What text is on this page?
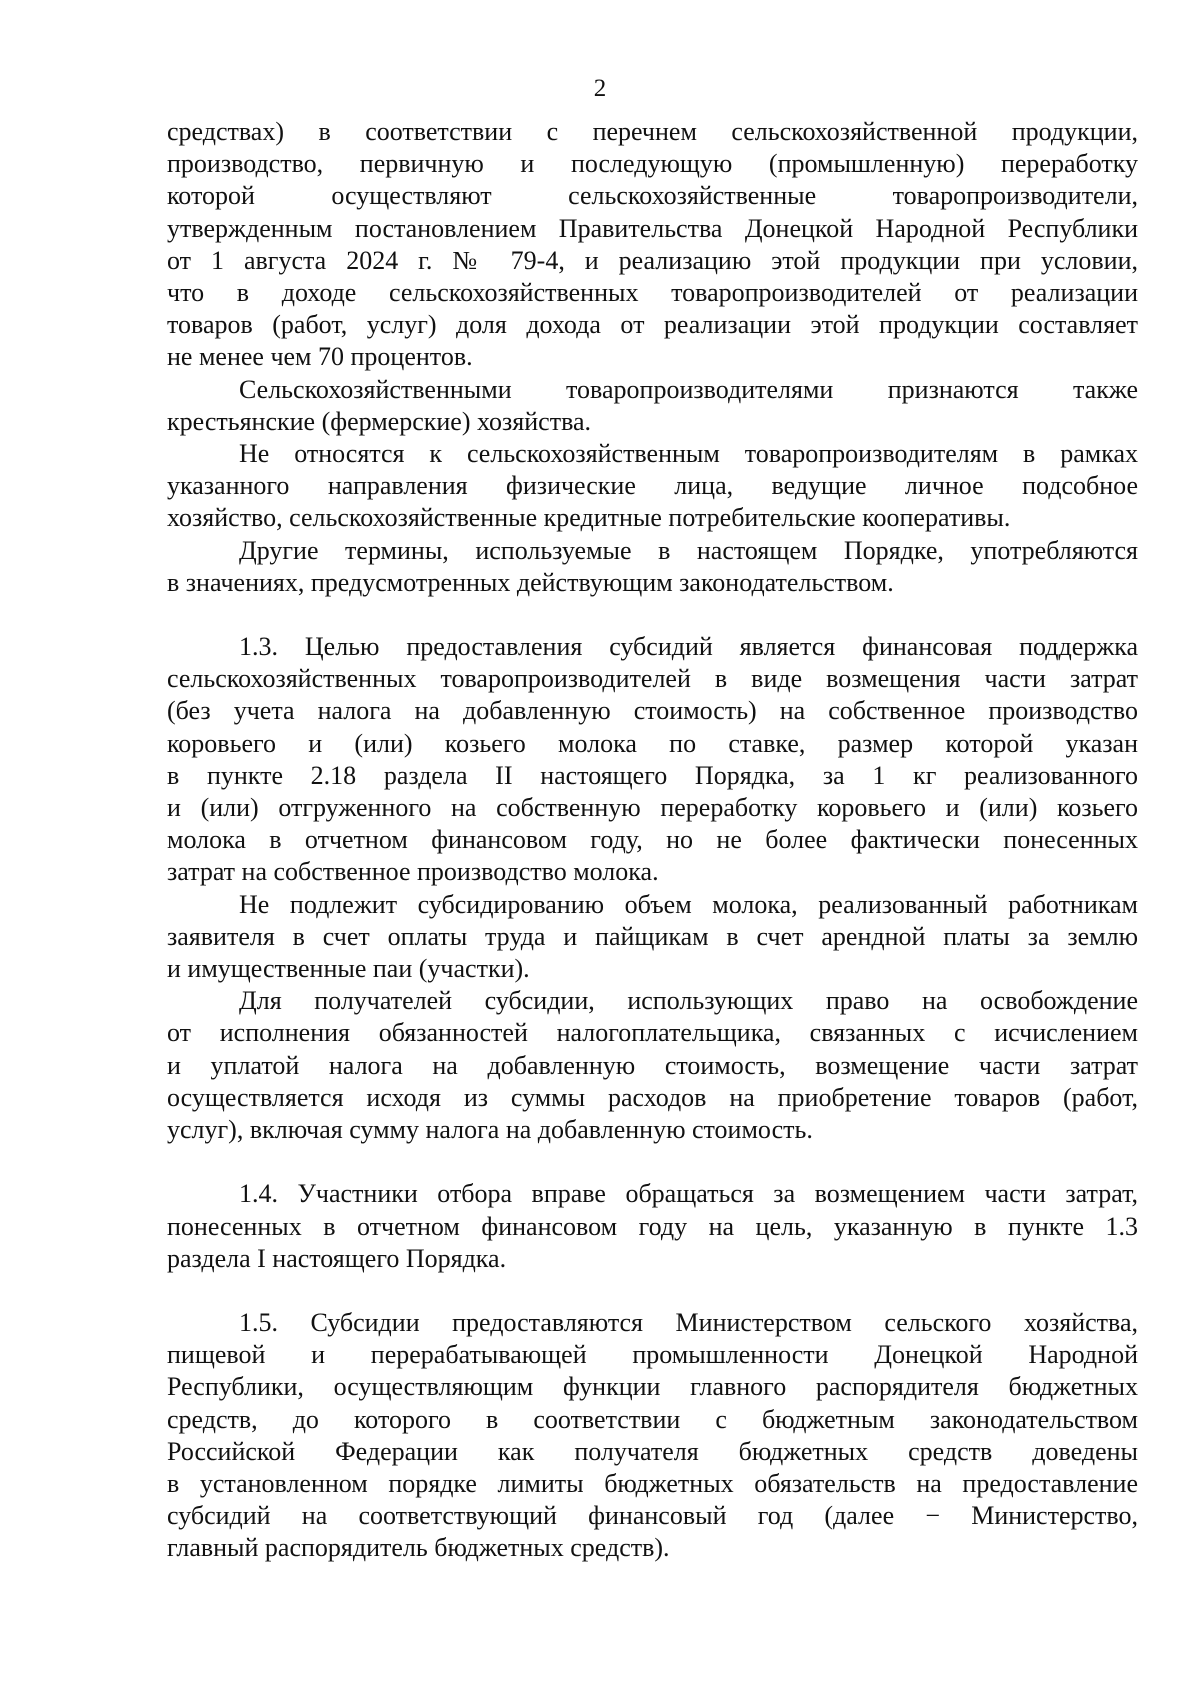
2

средствах) в соответствии с перечнем сельскохозяйственной продукции,
производство, первичную и последующую (промышленную) переработку
которой осуществляют сельскохозяйственные товаропроизводители,
утвержденным постановлением Правительства Донецкой Народной Республики
от 1 августа 2024 г. № 79-4, и реализацию этой продукции при условии,
что в доходе сельскохозяйственных товаропроизводителей от реализации
товаров (работ, услуг) доля дохода от реализации этой продукции составляет
не менее чем 70 процентов.

Сельскохозяйственными товаропроизводителями признаются также
крестьянские (фермерские) хозяйства.

Не относятся к сельскохозяйственным товаропроизводителям в рамках
указанного направления физические лица, ведущие личное подсобное
хозяйство, сельскохозяйственные кредитные потребительские кооперативы.

Другие термины, используемые в настоящем Порядке, употребляются
в значениях, предусмотренных действующим законодательством.

1.3. Целью предоставления субсидий является финансовая поддержка
сельскохозяйственных товаропроизводителей в виде возмещения части затрат
(без учета налога на добавленную стоимость) на собственное производство
коровьего и (или) козьего молока по ставке, размер которой указан
в пункте 2.18 раздела II настоящего Порядка, за 1 кг реализованного
и (или) отгруженного на собственную переработку коровьего и (или) козьего
молока в отчетном финансовом году, но не более фактически понесенных
затрат на собственное производство молока.

Не подлежит субсидированию объем молока, реализованный работникам
заявителя в счет оплаты труда и пайщикам в счет арендной платы за землю
и имущественные паи (участки).

Для получателей субсидии, использующих право на освобождение
от исполнения обязанностей налогоплательщика, связанных с исчислением
и уплатой налога на добавленную стоимость, возмещение части затрат
осуществляется исходя из суммы расходов на приобретение товаров (работ,
услуг), включая сумму налога на добавленную стоимость.

1.4. Участники отбора вправе обращаться за возмещением части затрат,
понесенных в отчетном финансовом году на цель, указанную в пункте 1.3
раздела I настоящего Порядка.

1.5. Субсидии предоставляются Министерством сельского хозяйства,
пищевой и перерабатывающей промышленности Донецкой Народной
Республики, осуществляющим функции главного распорядителя бюджетных
средств, до которого в соответствии с бюджетным законодательством
Российской Федерации как получателя бюджетных средств доведены
в установленном порядке лимиты бюджетных обязательств на предоставление
субсидий на соответствующий финансовый год (далее − Министерство,
главный распорядитель бюджетных средств).
